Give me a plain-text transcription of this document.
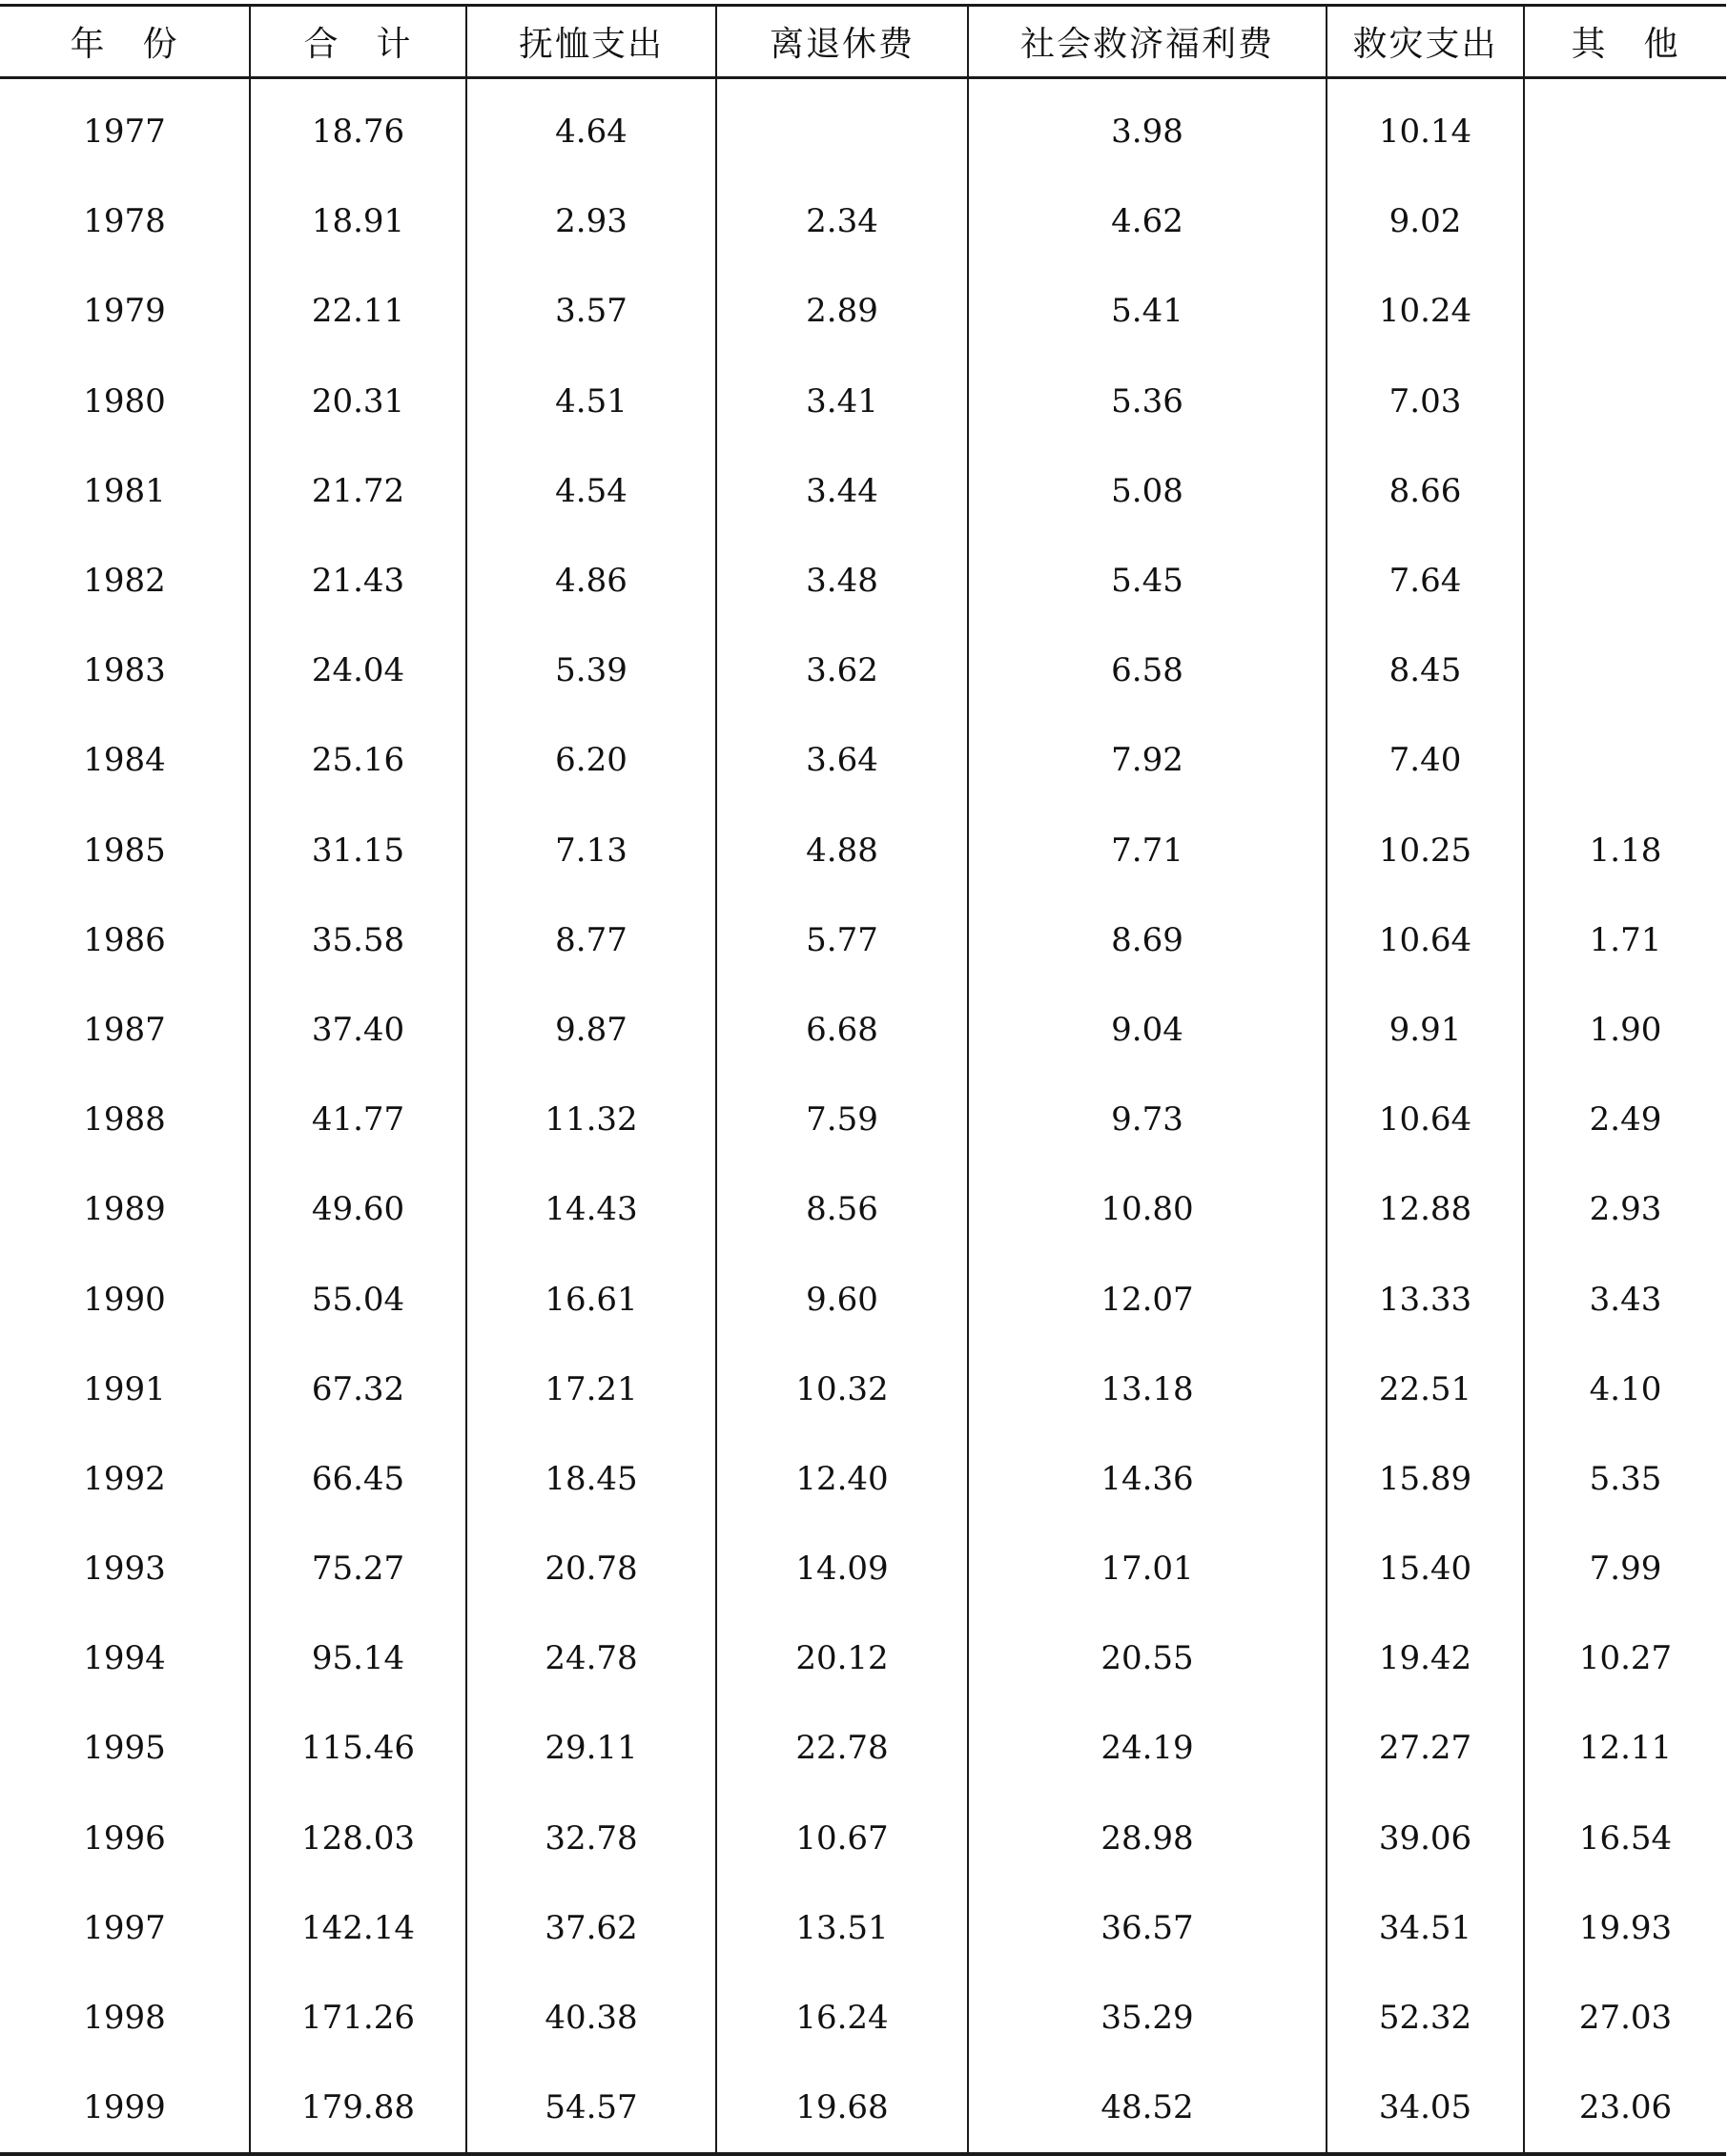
年　份	合　计	抚恤支出	离退休费	社会救济福利费	救灾支出	其　他
1977	18.76	4.64		3.98	10.14	
1978	18.91	2.93	2.34	4.62	9.02	
1979	22.11	3.57	2.89	5.41	10.24	
1980	20.31	4.51	3.41	5.36	7.03	
1981	21.72	4.54	3.44	5.08	8.66	
1982	21.43	4.86	3.48	5.45	7.64	
1983	24.04	5.39	3.62	6.58	8.45	
1984	25.16	6.20	3.64	7.92	7.40	
1985	31.15	7.13	4.88	7.71	10.25	1.18
1986	35.58	8.77	5.77	8.69	10.64	1.71
1987	37.40	9.87	6.68	9.04	9.91	1.90
1988	41.77	11.32	7.59	9.73	10.64	2.49
1989	49.60	14.43	8.56	10.80	12.88	2.93
1990	55.04	16.61	9.60	12.07	13.33	3.43
1991	67.32	17.21	10.32	13.18	22.51	4.10
1992	66.45	18.45	12.40	14.36	15.89	5.35
1993	75.27	20.78	14.09	17.01	15.40	7.99
1994	95.14	24.78	20.12	20.55	19.42	10.27
1995	115.46	29.11	22.78	24.19	27.27	12.11
1996	128.03	32.78	10.67	28.98	39.06	16.54
1997	142.14	37.62	13.51	36.57	34.51	19.93
1998	171.26	40.38	16.24	35.29	52.32	27.03
1999	179.88	54.57	19.68	48.52	34.05	23.06
